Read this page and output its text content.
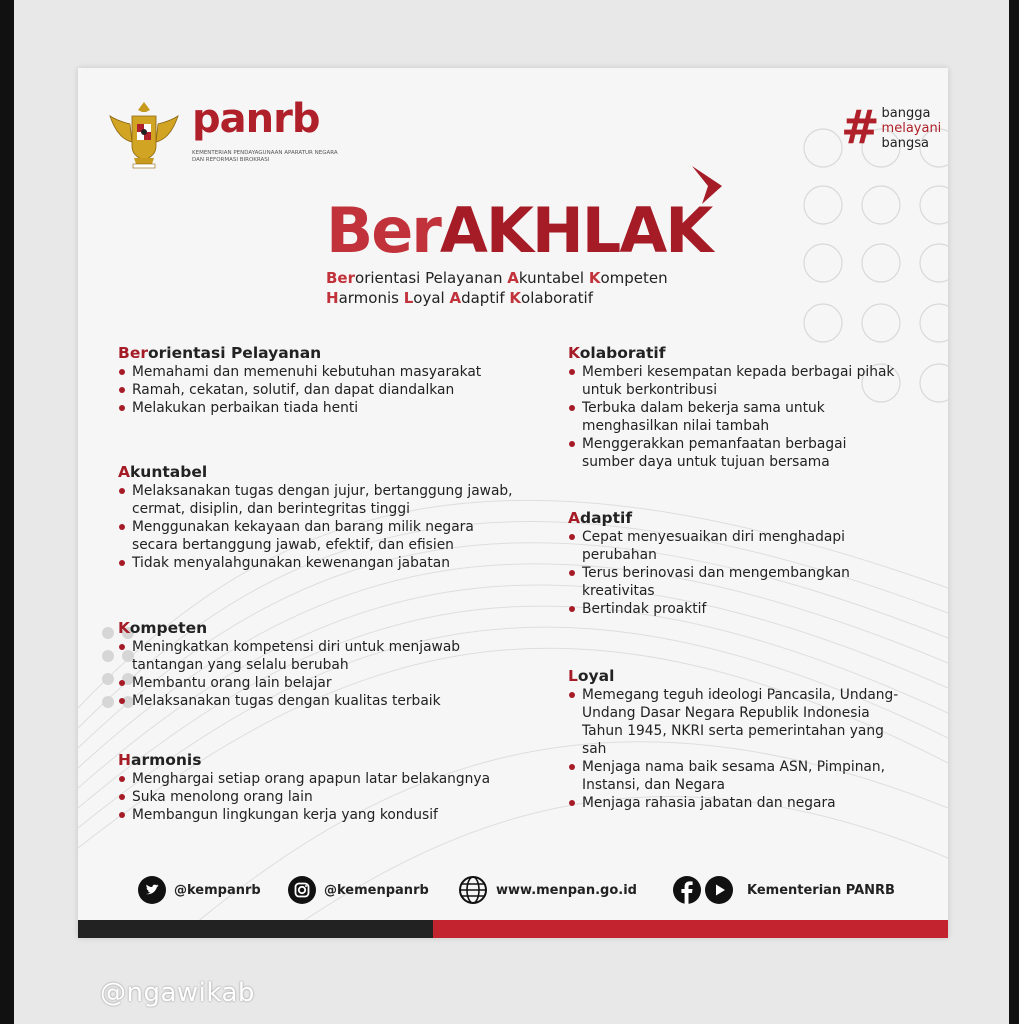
panrb
KEMENTERIAN PENDAYAGUNAAN APARATUR NEGARA DAN REFORMASI BIROKRASI
# bangga
melayani
bangsa
BerAKHLAK
Berorientasi Pelayanan Akuntabel Kompeten
Harmonis Loyal Adaptif Kolaboratif
Berorientasi Pelayanan
Memahami dan memenuhi kebutuhan masyarakat
Ramah, cekatan, solutif, dan dapat diandalkan
Melakukan perbaikan tiada henti
Akuntabel
Melaksanakan tugas dengan jujur, bertanggung jawab, cermat, disiplin, dan berintegritas tinggi
Menggunakan kekayaan dan barang milik negara secara bertanggung jawab, efektif, dan efisien
Tidak menyalahgunakan kewenangan jabatan
Kompeten
Meningkatkan kompetensi diri untuk menjawab tantangan yang selalu berubah
Membantu orang lain belajar
Melaksanakan tugas dengan kualitas terbaik
Harmonis
Menghargai setiap orang apapun latar belakangnya
Suka menolong orang lain
Membangun lingkungan kerja yang kondusif
Kolaboratif
Memberi kesempatan kepada berbagai pihak untuk berkontribusi
Terbuka dalam bekerja sama untuk menghasilkan nilai tambah
Menggerakkan pemanfaatan berbagai sumber daya untuk tujuan bersama
Adaptif
Cepat menyesuaikan diri menghadapi perubahan
Terus berinovasi dan mengembangkan kreativitas
Bertindak proaktif
Loyal
Memegang teguh ideologi Pancasila, Undang-Undang Dasar Negara Republik Indonesia Tahun 1945, NKRI serta pemerintahan yang sah
Menjaga nama baik sesama ASN, Pimpinan, Instansi, dan Negara
Menjaga rahasia jabatan dan negara
@kempanrb	@kemenpanrb	www.menpan.go.id	Kementerian PANRB
@ngawikab
